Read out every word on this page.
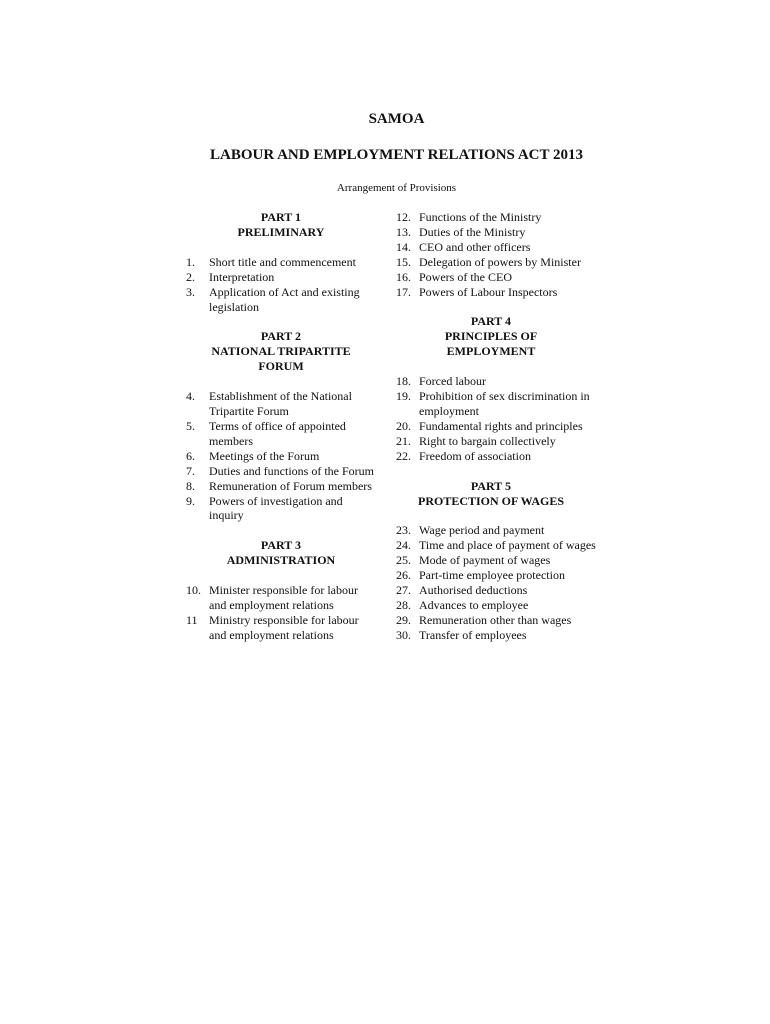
SAMOA
LABOUR AND EMPLOYMENT RELATIONS ACT 2013
Arrangement of Provisions
PART 1
PRELIMINARY
1.	Short title and commencement
2.	Interpretation
3.	Application of Act and existing legislation
PART 2
NATIONAL TRIPARTITE
FORUM
4.	Establishment of the National Tripartite Forum
5.	Terms of office of appointed members
6.	Meetings of the Forum
7.	Duties and functions of the Forum
8.	Remuneration of Forum members
9.	Powers of investigation and inquiry
PART 3
ADMINISTRATION
10. Minister responsible for labour and employment relations
11 Ministry responsible for labour and employment relations
12. Functions of the Ministry
13. Duties of the Ministry
14. CEO and other officers
15. Delegation of powers by Minister
16. Powers of the CEO
17. Powers of Labour Inspectors
PART 4
PRINCIPLES OF
EMPLOYMENT
18. Forced labour
19. Prohibition of sex discrimination in employment
20. Fundamental rights and principles
21. Right to bargain collectively
22. Freedom of association
PART 5
PROTECTION OF WAGES
23. Wage period and payment
24. Time and place of payment of wages
25. Mode of payment of wages
26. Part-time employee protection
27. Authorised deductions
28. Advances to employee
29. Remuneration other than wages
30. Transfer of employees
